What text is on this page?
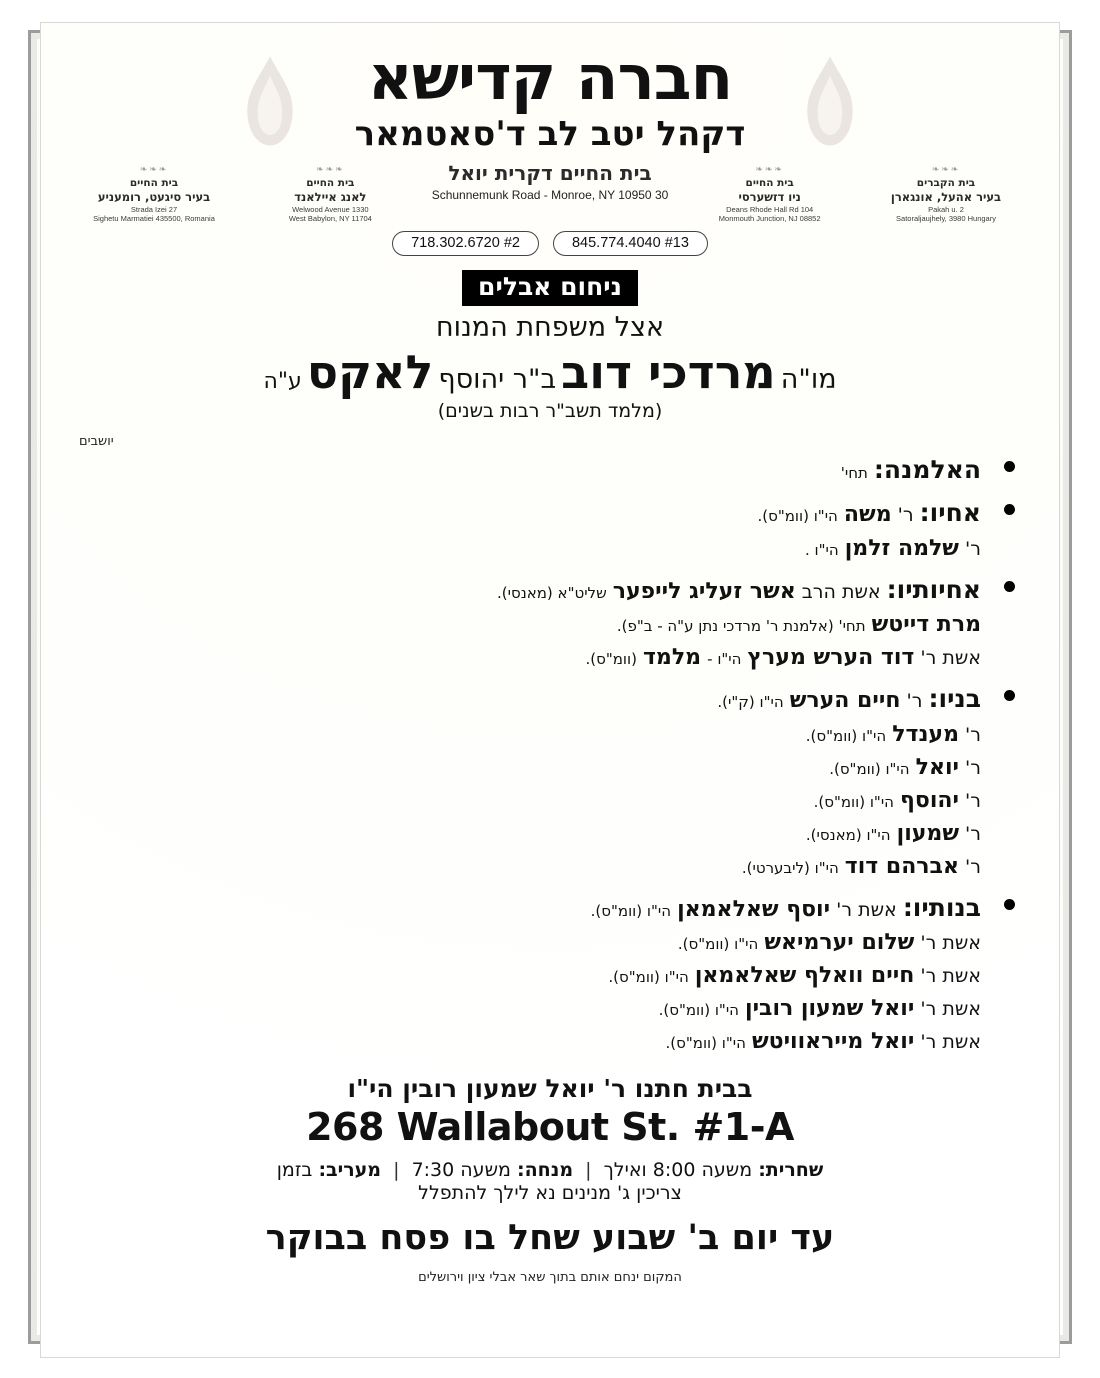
חברה קדישא
דקהל יטב לב ד'סאטמאר
❧❧❧
בית הקברים
בעיר אהעל, אונגארן
Pakah u. 2
Satoraljaujhely, 3980 Hungary
❧❧❧
בית החיים
ניו דזשערסי
104 Deans Rhode Hall Rd
Monmouth Junction, NJ 08852
בית החיים דקרית יואל
30 Schunnemunk Road - Monroe, NY 10950
❧❧❧
בית החיים
לאנג איילאנד
1330 Welwood Avenue
West Babylon, NY 11704
❧❧❧
בית החיים
בעיר סיגעט, רומעניע
Strada Izei 27
Sighetu Marmatiei 435500, Romania
718.302.6720 #2	845.774.4040 #13
ניחום אבלים
אצל משפחת המנוח
מו"ה מרדכי דוב ב"ר יהוסף לאקס ע"ה
(מלמד תשב"ר רבות בשנים)
יושבים
האלמנה: תחי'
אחיו: ר' משה הי"ו (וומ"ס).
ר' שלמה זלמן הי"ו .
אחיותיו: אשת הרב אשר זעליג לייפער שליט"א (מאנסי).
מרת דייטש תחי' (אלמנת ר' מרדכי נתן ע"ה - ב"פ).
אשת ר' דוד הערש מערץ הי"ו - מלמד (וומ"ס).
בניו: ר' חיים הערש הי"ו (ק"י).
ר' מענדל הי"ו (וומ"ס).
ר' יואל הי"ו (וומ"ס).
ר' יהוסף הי"ו (וומ"ס).
ר' שמעון הי"ו (מאנסי).
ר' אברהם דוד הי"ו (ליבערטי).
בנותיו: אשת ר' יוסף שאלאמאן הי"ו (וומ"ס).
אשת ר' שלום יערמיאש הי"ו (וומ"ס).
אשת ר' חיים וואלף שאלאמאן הי"ו (וומ"ס).
אשת ר' יואל שמעון רובין הי"ו (וומ"ס).
אשת ר' יואל מייראוויטש הי"ו (וומ"ס).
בבית חתנו ר' יואל שמעון רובין הי"ו
268 Wallabout St. #1-A
שחרית: משעה 8:00 ואילך | מנחה: משעה 7:30 | מעריב: בזמן
צריכין ג' מנינים נא לילך להתפלל
עד יום ב' שבוע שחל בו פסח בבוקר
המקום ינחם אותם בתוך שאר אבלי ציון וירושלים
